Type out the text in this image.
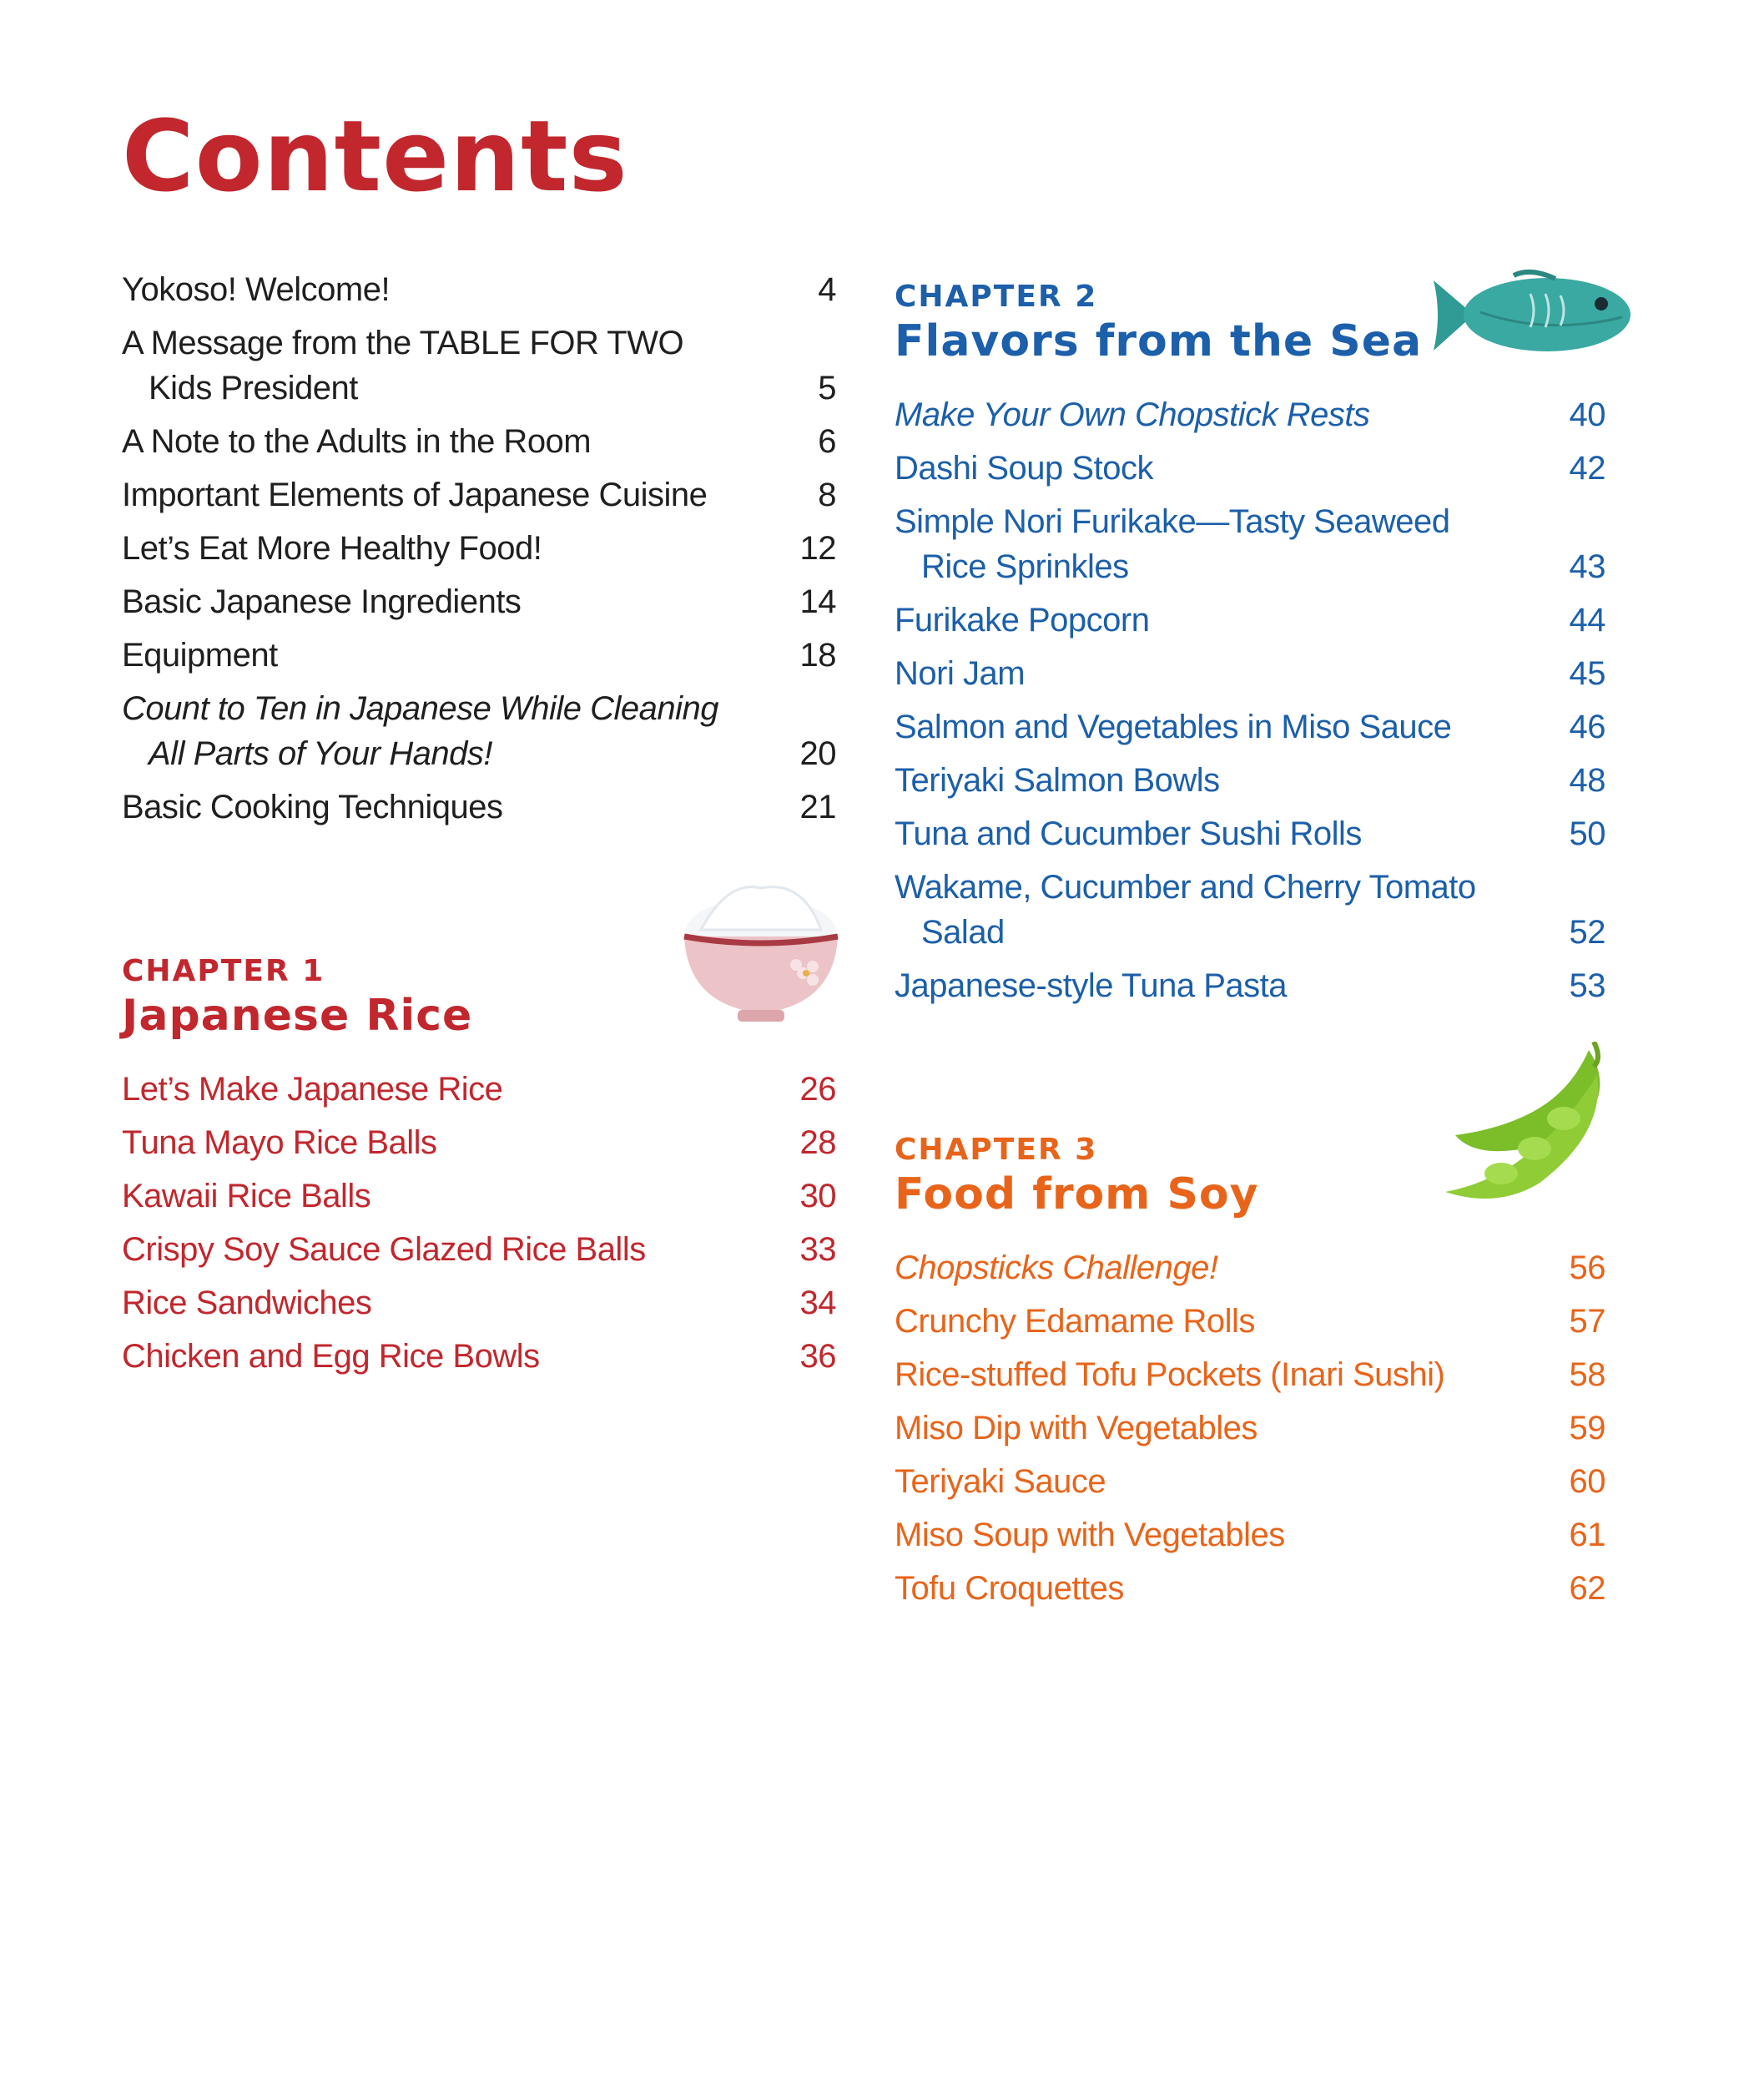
Contents
Yokoso! Welcome!	4
A Message from the TABLE FOR TWO Kids President	5
A Note to the Adults in the Room	6
Important Elements of Japanese Cuisine	8
Let’s Eat More Healthy Food!	12
Basic Japanese Ingredients	14
Equipment	18
Count to Ten in Japanese While Cleaning All Parts of Your Hands!	20
Basic Cooking Techniques	21
CHAPTER 1
Japanese Rice
Let’s Make Japanese Rice	26
Tuna Mayo Rice Balls	28
Kawaii Rice Balls	30
Crispy Soy Sauce Glazed Rice Balls	33
Rice Sandwiches	34
Chicken and Egg Rice Bowls	36
CHAPTER 2
Flavors from the Sea
Make Your Own Chopstick Rests	40
Dashi Soup Stock	42
Simple Nori Furikake—Tasty Seaweed Rice Sprinkles	43
Furikake Popcorn	44
Nori Jam	45
Salmon and Vegetables in Miso Sauce	46
Teriyaki Salmon Bowls	48
Tuna and Cucumber Sushi Rolls	50
Wakame, Cucumber and Cherry Tomato Salad	52
Japanese-style Tuna Pasta	53
CHAPTER 3
Food from Soy
Chopsticks Challenge!	56
Crunchy Edamame Rolls	57
Rice-stuffed Tofu Pockets (Inari Sushi)	58
Miso Dip with Vegetables	59
Teriyaki Sauce	60
Miso Soup with Vegetables	61
Tofu Croquettes	62
